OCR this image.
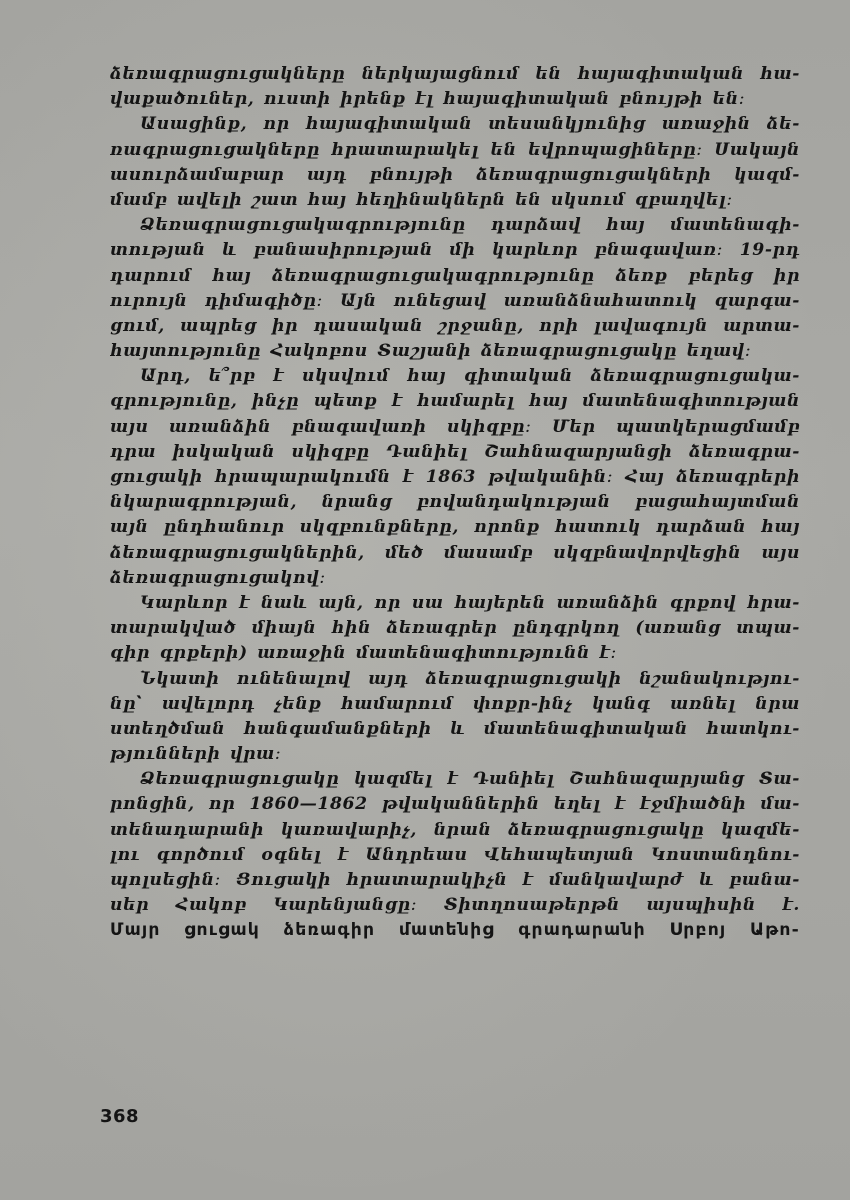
ձեռագրացուցակները ներկայացնում են հայագիտական հա-
վաքածուներ, ուստի իրենք էլ հայագիտական բնույթի են։
Ասացինք, որ հայագիտական տեսանկյունից առաջին ձե-
ռագրացուցակները հրատարակել են եվրոպացիները։ Սակայն
ասուրձամաբար այդ բնույթի ձեռագրացուցակների կազմ-
մամբ ավելի շատ հայ հեղինակներն են սկսում զբաղվել։
Ձեռագրացուցակագրությունը դարձավ հայ մատենագի-
տության և բանասիրության մի կարևոր բնագավառ։ 19-րդ
դարում հայ ձեռագրացուցակագրությունը ձեռք բերեց իր
ուրույն դիմագիծը։ Այն ունեցավ առանձնահատուկ զարգա-
ցում, ապրեց իր դասական շրջանը, որի լավագույն արտա-
հայտությունը Հակոբոս Տաշյանի ձեռագրացուցակը եղավ։
Արդ, ե՞րբ է սկսվում հայ գիտական ձեռագրացուցակա-
գրությունը, ինչը պետք է համարել հայ մատենագիտության
այս առանձին բնագավառի սկիզբը։ Մեր պատկերացմամբ
դրա իսկական սկիզբը Դանիել Շահնազարյանցի ձեռագրա-
ցուցակի հրապարակումն է 1863 թվականին։ Հայ ձեռագրերի
նկարագրության, նրանց բովանդակության բացահայտման
այն ընդհանուր սկզբունքները, որոնք հատուկ դարձան հայ
ձեռագրացուցակներին, մեծ մասամբ սկզբնավորվեցին այս
ձեռագրացուցակով։
Կարևոր է նաև այն, որ սա հայերեն առանձին գրքով հրա-
տարակված միայն հին ձեռագրեր ընդգրկող (առանց տպա-
գիր գրքերի) առաջին մատենագիտությունն է։
Նկատի ունենալով այդ ձեռագրացուցակի նշանակությու-
նը՝ ավելորդ չենք համարում փոքր-ինչ կանգ առնել նրա
ստեղծման հանգամանքների և մատենագիտական հատկու-
թյունների վրա։
Ձեռագրացուցակը կազմել է Դանիել Շահնազարյանց Տա-
րոնցին, որ 1860—1862 թվականներին եղել է էջմիածնի մա-
տենադարանի կառավարիչ, նրան ձեռագրացուցակը կազմե-
լու գործում օգնել է Անդրեաս Վեհապետյան Կոստանդնու-
պոլսեցին։ Ցուցակի հրատարակիչն է մանկավարժ և բանա-
սեր Հակոբ Կարենյանցը։ Տիտղոսաթերթն այսպիսին է.
Մայր ցուցակ ձեռագիր մատենից գրադարանի Սրբոյ Աթո-
368
